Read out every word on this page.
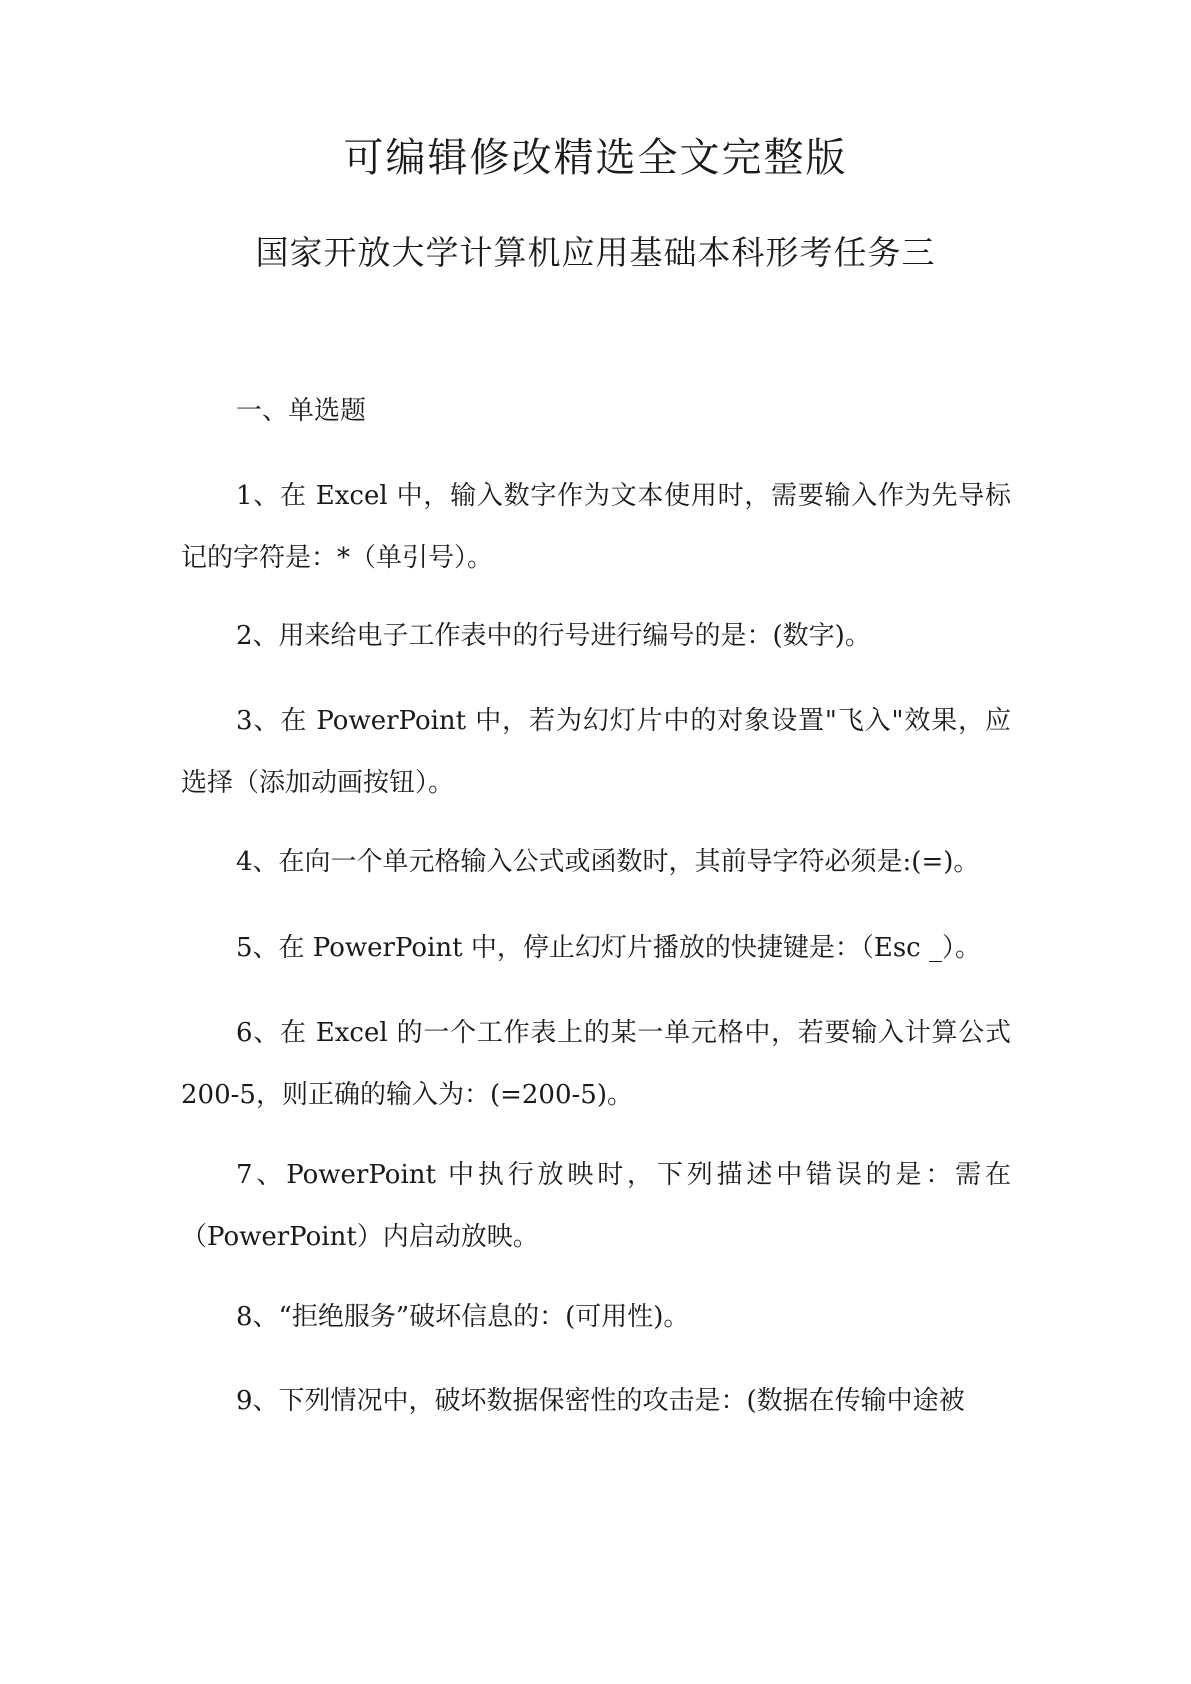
可编辑修改精选全文完整版
国家开放大学计算机应用基础本科形考任务三
一、单选题

1、在 Excel 中，输入数字作为文本使用时，需要输入作为先导标记的字符是：*（单引号）。

2、用来给电子工作表中的行号进行编号的是：(数字)。

3、在 PowerPoint 中，若为幻灯片中的对象设置"飞入"效果，应选择（添加动画按钮）。

4、在向一个单元格输入公式或函数时，其前导字符必须是:(=)。

5、在 PowerPoint 中，停止幻灯片播放的快捷键是：（Esc _）。

6、在 Excel 的一个工作表上的某一单元格中，若要输入计算公式 200-5，则正确的输入为：(=200-5)。

7、PowerPoint 中执行放映时，下列描述中错误的是：需在（PowerPoint）内启动放映。

8、“拒绝服务”破坏信息的：(可用性)。

9、下列情况中，破坏数据保密性的攻击是：(数据在传输中途被
